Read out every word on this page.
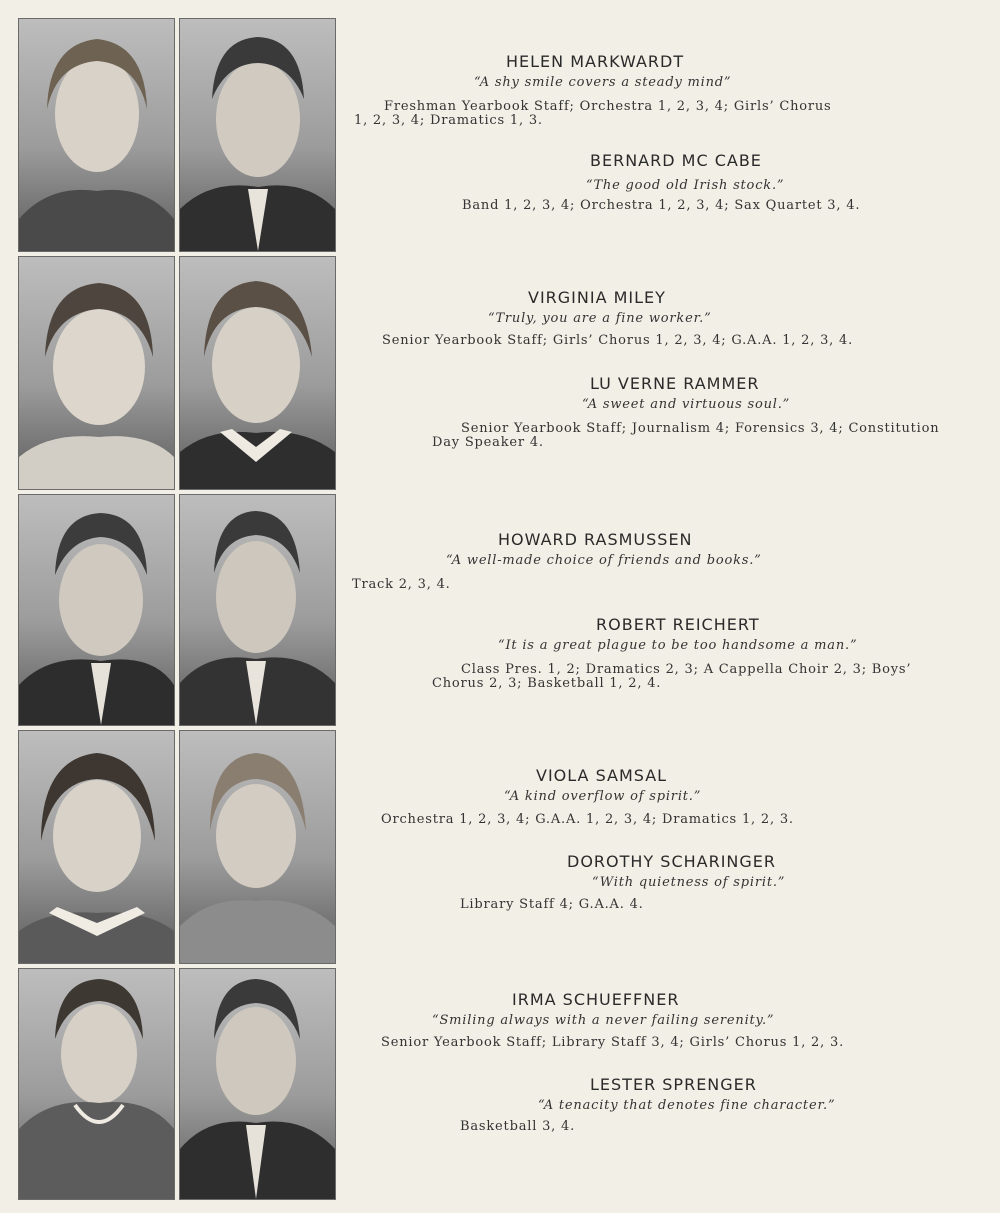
HELEN MARKWARDT
“A shy smile covers a steady mind”
Freshman Yearbook Staff; Orchestra 1, 2, 3, 4; Girls’ Chorus
1, 2, 3, 4; Dramatics 1, 3.
BERNARD MC CABE
“The good old Irish stock.”
Band 1, 2, 3, 4; Orchestra 1, 2, 3, 4; Sax Quartet 3, 4.
VIRGINIA MILEY
“Truly, you are a fine worker.”
Senior Yearbook Staff; Girls’ Chorus 1, 2, 3, 4; G.A.A. 1, 2, 3, 4.
LU VERNE RAMMER
“A sweet and virtuous soul.”
Senior Yearbook Staff; Journalism 4; Forensics 3, 4; Constitution
Day Speaker 4.
HOWARD RASMUSSEN
“A well-made choice of friends and books.”
Track 2, 3, 4.
ROBERT REICHERT
“It is a great plague to be too handsome a man.”
Class Pres. 1, 2; Dramatics 2, 3; A Cappella Choir 2, 3; Boys’
Chorus 2, 3; Basketball 1, 2, 4.
VIOLA SAMSAL
“A kind overflow of spirit.”
Orchestra 1, 2, 3, 4; G.A.A. 1, 2, 3, 4; Dramatics 1, 2, 3.
DOROTHY SCHARINGER
“With quietness of spirit.”
Library Staff 4; G.A.A. 4.
IRMA SCHUEFFNER
“Smiling always with a never failing serenity.”
Senior Yearbook Staff; Library Staff 3, 4; Girls’ Chorus 1, 2, 3.
LESTER SPRENGER
“A tenacity that denotes fine character.”
Basketball 3, 4.
